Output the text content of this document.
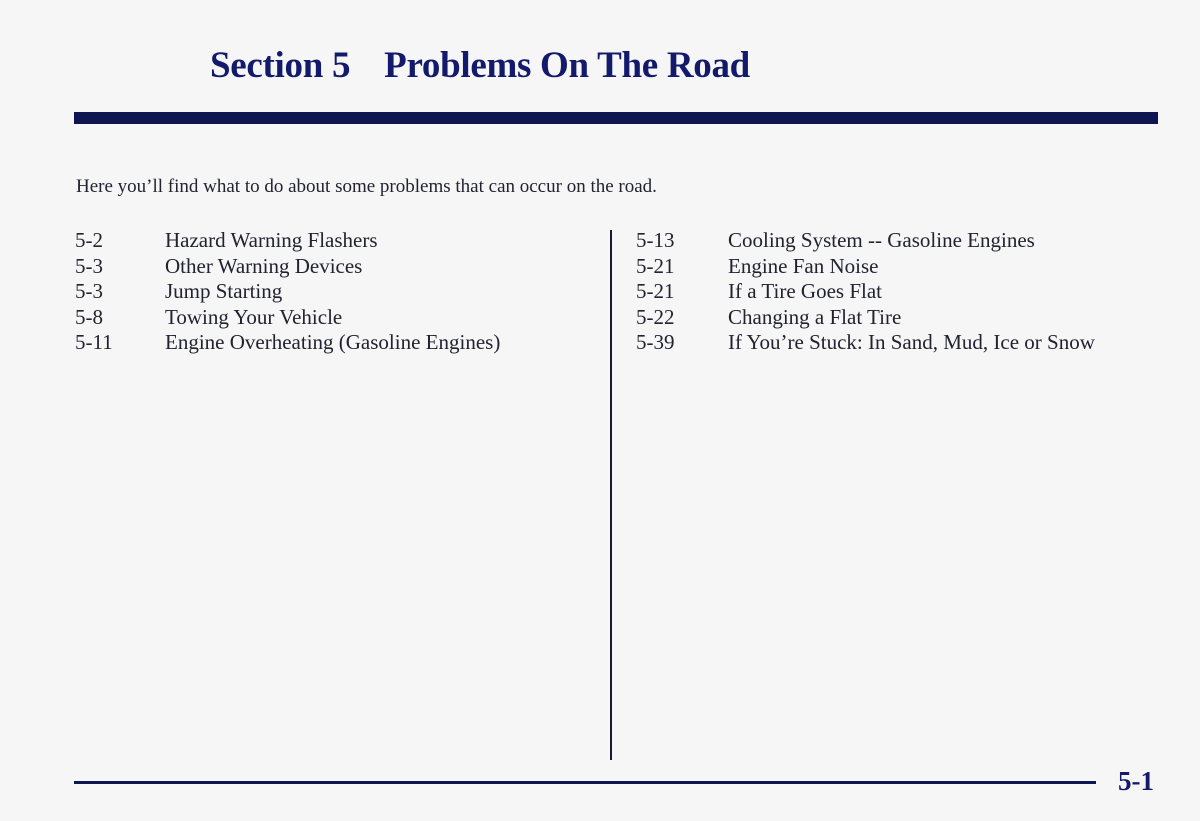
Section 5 Problems On The Road

Here you’ll find what to do about some problems that can occur on the road.

5-2	Hazard Warning Flashers
5-3	Other Warning Devices
5-3	Jump Starting
5-8	Towing Your Vehicle
5-11	Engine Overheating (Gasoline Engines)
5-13	Cooling System -- Gasoline Engines
5-21	Engine Fan Noise
5-21	If a Tire Goes Flat
5-22	Changing a Flat Tire
5-39	If You’re Stuck: In Sand, Mud, Ice or Snow

5-1
